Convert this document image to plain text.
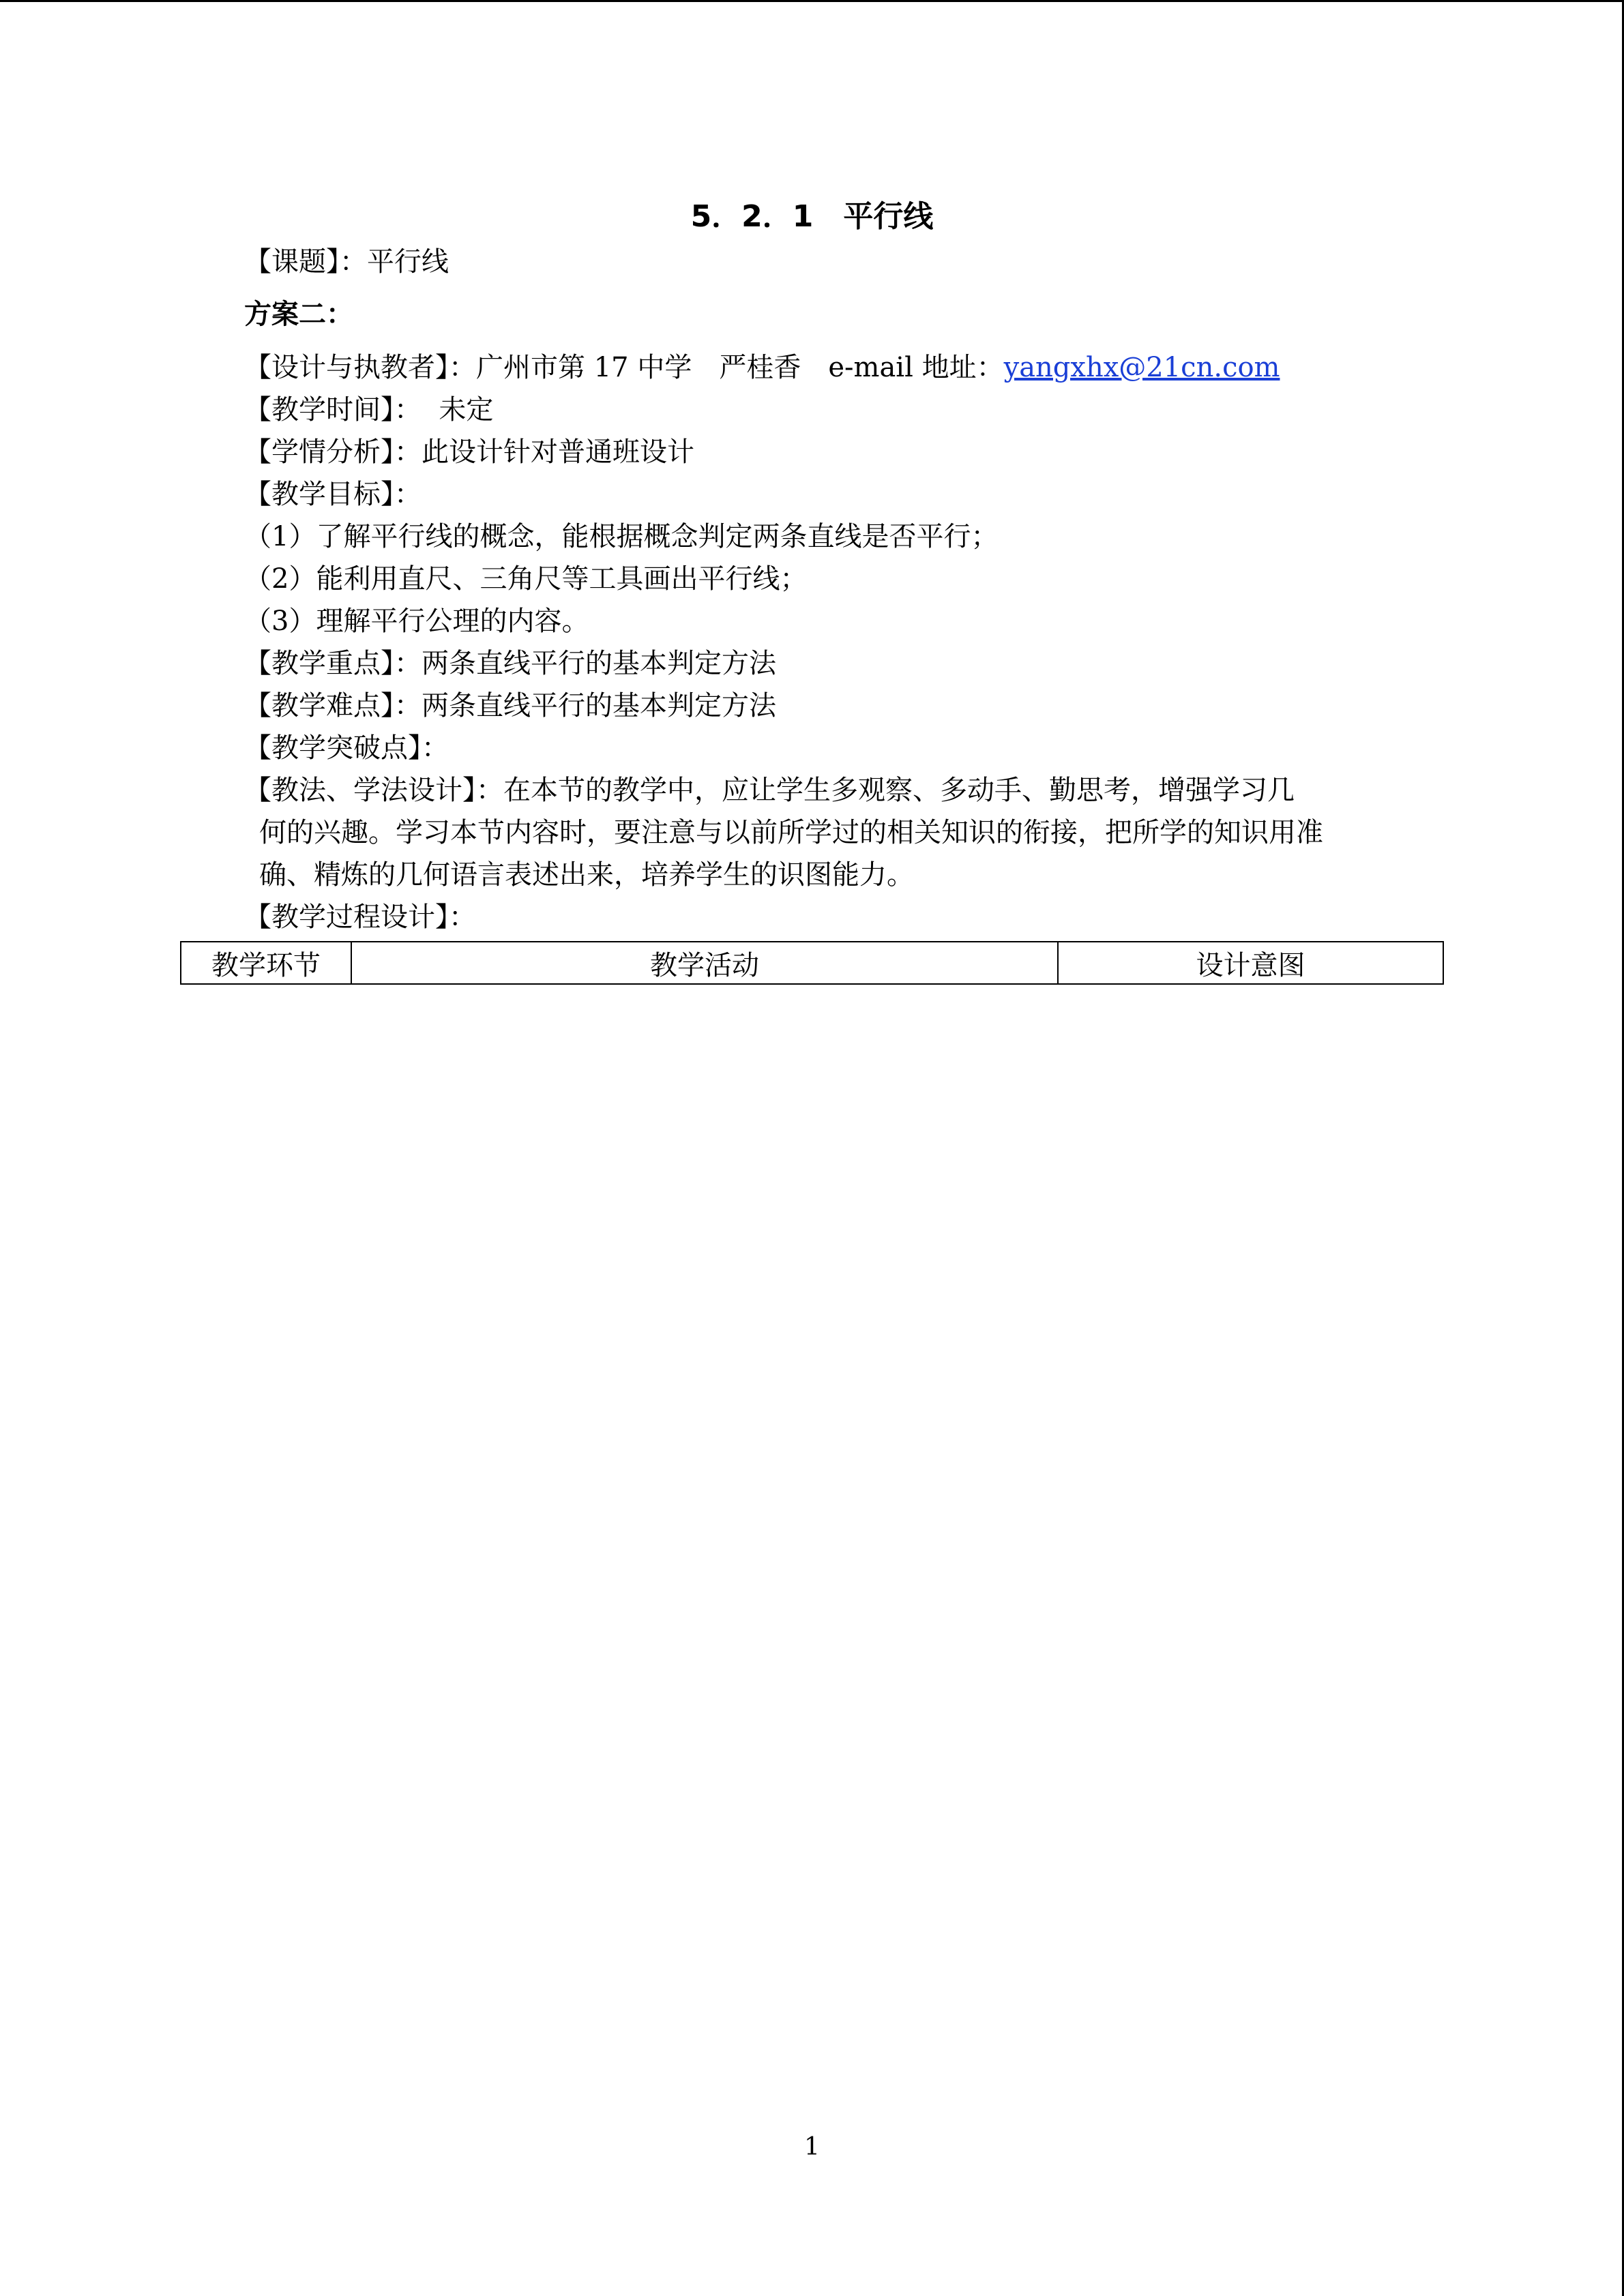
5．2．1　平行线
【课题】：平行线
方案二：
【设计与执教者】：广州市第 17 中学　严桂香　e-mail 地址：yangxhx@21cn.com
【教学时间】：  未定
【学情分析】：此设计针对普通班设计
【教学目标】：
（1）了解平行线的概念，能根据概念判定两条直线是否平行；
（2）能利用直尺、三角尺等工具画出平行线；
（3）理解平行公理的内容。
【教学重点】：两条直线平行的基本判定方法
【教学难点】：两条直线平行的基本判定方法
【教学突破点】：
【教法、学法设计】：在本节的教学中，应让学生多观察、多动手、勤思考，增强学习几
何的兴趣。学习本节内容时，要注意与以前所学过的相关知识的衔接，把所学的知识用准
确、精炼的几何语言表述出来，培养学生的识图能力。
【教学过程设计】：
教学环节	教学活动	设计意图
1
